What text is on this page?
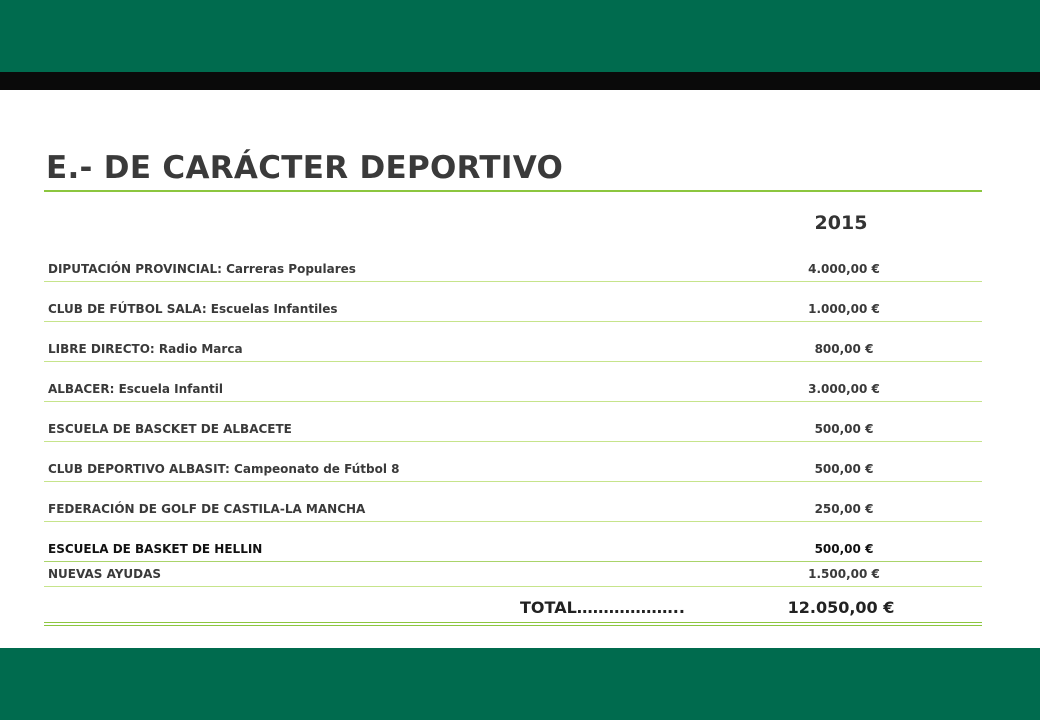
E.- DE CARÁCTER DEPORTIVO
2015
DIPUTACIÓN PROVINCIAL: Carreras Populares	4.000,00 €
CLUB DE FÚTBOL SALA: Escuelas Infantiles	1.000,00 €
LIBRE DIRECTO: Radio Marca	800,00 €
ALBACER: Escuela Infantil	3.000,00 €
ESCUELA DE BASCKET DE ALBACETE	500,00 €
CLUB DEPORTIVO ALBASIT: Campeonato de Fútbol 8	500,00 €
FEDERACIÓN DE GOLF DE CASTILA-LA MANCHA	250,00 €
ESCUELA DE BASKET DE HELLIN	500,00 €
NUEVAS AYUDAS	1.500,00 €
TOTAL………………..	12.050,00 €
